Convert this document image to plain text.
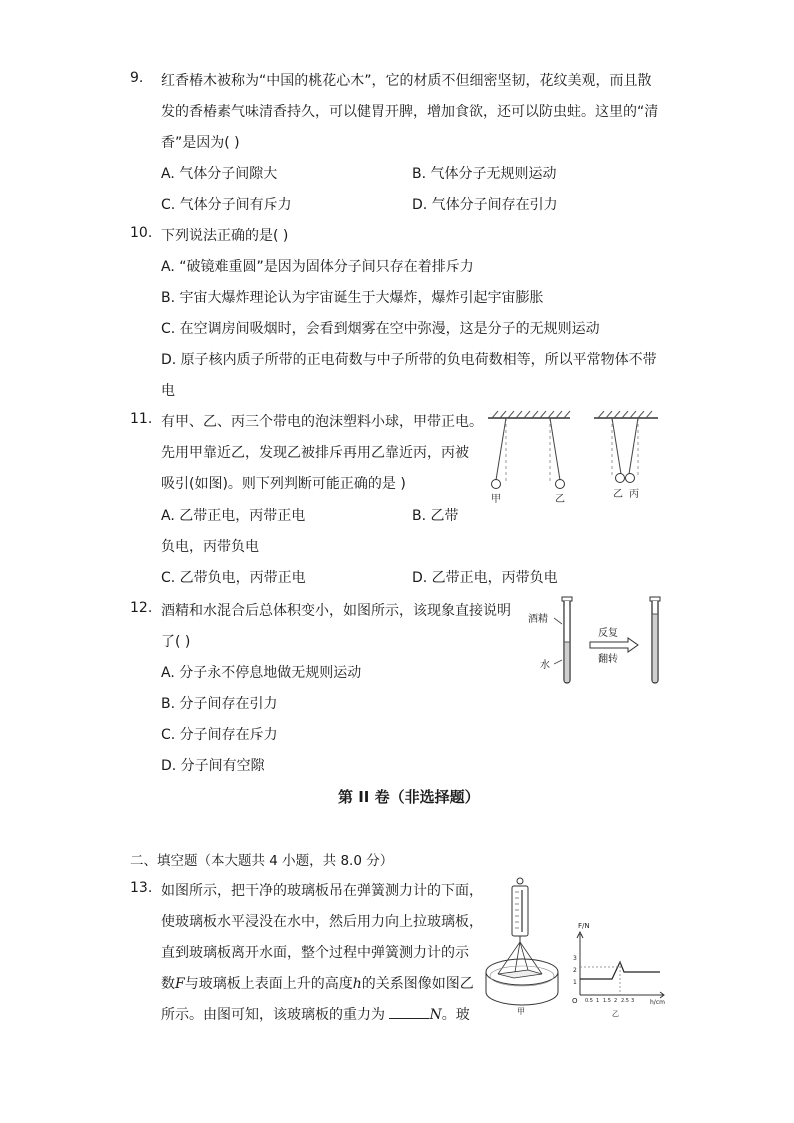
9. 红香椿木被称为“中国的桃花心木”，它的材质不但细密坚韧，花纹美观，而且散
发的香椿素气味清香持久，可以健胃开脾，增加食欲，还可以防虫蛀。这里的“清
香”是因为( )
A. 气体分子间隙大	B. 气体分子无规则运动
C. 气体分子间有斥力	D. 气体分子间存在引力
10. 下列说法正确的是( )
A. “破镜难重圆”是因为固体分子间只存在着排斥力
B. 宇宙大爆炸理论认为宇宙诞生于大爆炸，爆炸引起宇宙膨胀
C. 在空调房间吸烟时，会看到烟雾在空中弥漫，这是分子的无规则运动
D. 原子核内质子所带的正电荷数与中子所带的负电荷数相等，所以平常物体不带
电
11. 有甲、乙、丙三个带电的泡沫塑料小球，甲带正电。
先用甲靠近乙，发现乙被排斥再用乙靠近丙，丙被
吸引(如图)。则下列判断可能正确的是 )
A. 乙带正电，丙带正电	B. 乙带
负电，丙带负电
C. 乙带负电，丙带正电	D. 乙带正电，丙带负电
甲	乙	乙 丙
12. 酒精和水混合后总体积变小，如图所示，该现象直接说明
了( )
A. 分子永不停息地做无规则运动
B. 分子间存在引力
C. 分子间存在斥力
D. 分子间有空隙
酒精
水
反复
翻转
第 II 卷（非选择题）
二、填空题（本大题共 4 小题，共 8.0 分）
13. 如图所示，把干净的玻璃板吊在弹簧测力计的下面，
使玻璃板水平浸没在水中，然后用力向上拉玻璃板，
直到玻璃板离开水面，整个过程中弹簧测力计的示
数F与玻璃板上表面上升的高度h的关系图像如图乙
所示。由图可知，该玻璃板的重力为	N。玻	甲
F/N
h/cm
O
1
2
3
0.5 1 1.5 2 2.5 3
乙
